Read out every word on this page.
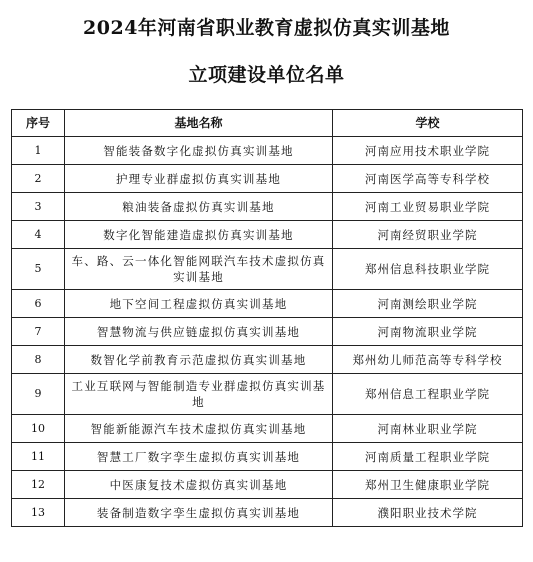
2024年河南省职业教育虚拟仿真实训基地
立项建设单位名单
序号	基地名称	学校
1	智能装备数字化虚拟仿真实训基地	河南应用技术职业学院
2	护理专业群虚拟仿真实训基地	河南医学高等专科学校
3	粮油装备虚拟仿真实训基地	河南工业贸易职业学院
4	数字化智能建造虚拟仿真实训基地	河南经贸职业学院
5	车、路、云一体化智能网联汽车技术虚拟仿真实训基地	郑州信息科技职业学院
6	地下空间工程虚拟仿真实训基地	河南测绘职业学院
7	智慧物流与供应链虚拟仿真实训基地	河南物流职业学院
8	数智化学前教育示范虚拟仿真实训基地	郑州幼儿师范高等专科学校
9	工业互联网与智能制造专业群虚拟仿真实训基地	郑州信息工程职业学院
10	智能新能源汽车技术虚拟仿真实训基地	河南林业职业学院
11	智慧工厂数字孪生虚拟仿真实训基地	河南质量工程职业学院
12	中医康复技术虚拟仿真实训基地	郑州卫生健康职业学院
13	装备制造数字孪生虚拟仿真实训基地	濮阳职业技术学院
